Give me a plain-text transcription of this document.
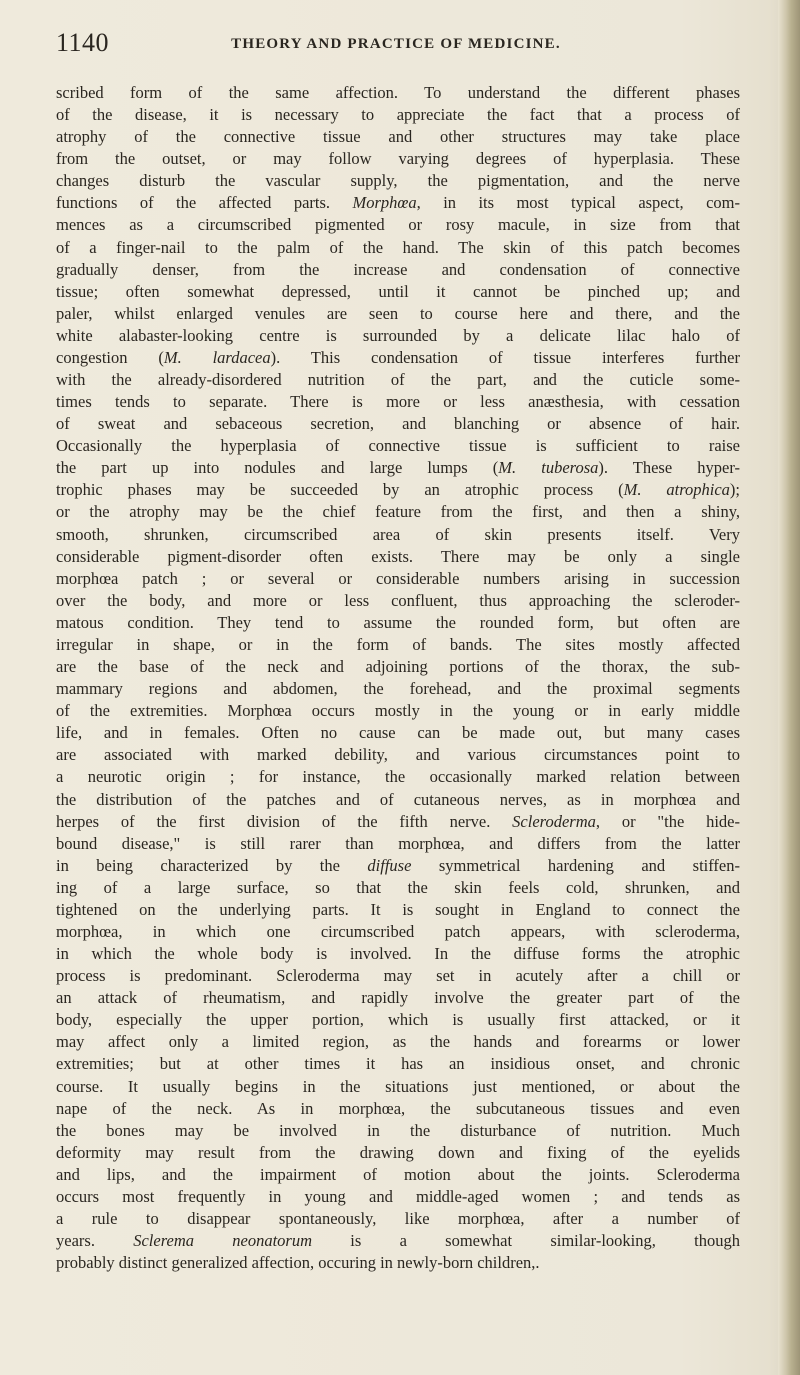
1140	THEORY AND PRACTICE OF MEDICINE.
scribed form of the same affection. To understand the different phases
of the disease, it is necessary to appreciate the fact that a process of
atrophy of the connective tissue and other structures may take place
from the outset, or may follow varying degrees of hyperplasia. These
changes disturb the vascular supply, the pigmentation, and the nerve
functions of the affected parts. Morphœa, in its most typical aspect, com-
mences as a circumscribed pigmented or rosy macule, in size from that
of a finger-nail to the palm of the hand. The skin of this patch becomes
gradually denser, from the increase and condensation of connective
tissue; often somewhat depressed, until it cannot be pinched up; and
paler, whilst enlarged venules are seen to course here and there, and the
white alabaster-looking centre is surrounded by a delicate lilac halo of
congestion (M. lardacea). This condensation of tissue interferes further
with the already-disordered nutrition of the part, and the cuticle some-
times tends to separate. There is more or less anæsthesia, with cessation
of sweat and sebaceous secretion, and blanching or absence of hair.
Occasionally the hyperplasia of connective tissue is sufficient to raise
the part up into nodules and large lumps (M. tuberosa). These hyper-
trophic phases may be succeeded by an atrophic process (M. atrophica);
or the atrophy may be the chief feature from the first, and then a shiny,
smooth, shrunken, circumscribed area of skin presents itself. Very
considerable pigment-disorder often exists. There may be only a single
morphœa patch ; or several or considerable numbers arising in succession
over the body, and more or less confluent, thus approaching the scleroder-
matous condition. They tend to assume the rounded form, but often are
irregular in shape, or in the form of bands. The sites mostly affected
are the base of the neck and adjoining portions of the thorax, the sub-
mammary regions and abdomen, the forehead, and the proximal segments
of the extremities. Morphœa occurs mostly in the young or in early middle
life, and in females. Often no cause can be made out, but many cases
are associated with marked debility, and various circumstances point to
a neurotic origin ; for instance, the occasionally marked relation between
the distribution of the patches and of cutaneous nerves, as in morphœa and
herpes of the first division of the fifth nerve. Scleroderma, or "the hide-
bound disease," is still rarer than morphœa, and differs from the latter
in being characterized by the diffuse symmetrical hardening and stiffen-
ing of a large surface, so that the skin feels cold, shrunken, and
tightened on the underlying parts. It is sought in England to connect the
morphœa, in which one circumscribed patch appears, with scleroderma,
in which the whole body is involved. In the diffuse forms the atrophic
process is predominant. Scleroderma may set in acutely after a chill or
an attack of rheumatism, and rapidly involve the greater part of the
body, especially the upper portion, which is usually first attacked, or it
may affect only a limited region, as the hands and forearms or lower
extremities; but at other times it has an insidious onset, and chronic
course. It usually begins in the situations just mentioned, or about the
nape of the neck. As in morphœa, the subcutaneous tissues and even
the bones may be involved in the disturbance of nutrition. Much
deformity may result from the drawing down and fixing of the eyelids
and lips, and the impairment of motion about the joints. Scleroderma
occurs most frequently in young and middle-aged women ; and tends as
a rule to disappear spontaneously, like morphœa, after a number of
years. Sclerema neonatorum is a somewhat similar-looking, though
probably distinct generalized affection, occuring in newly-born children,.
